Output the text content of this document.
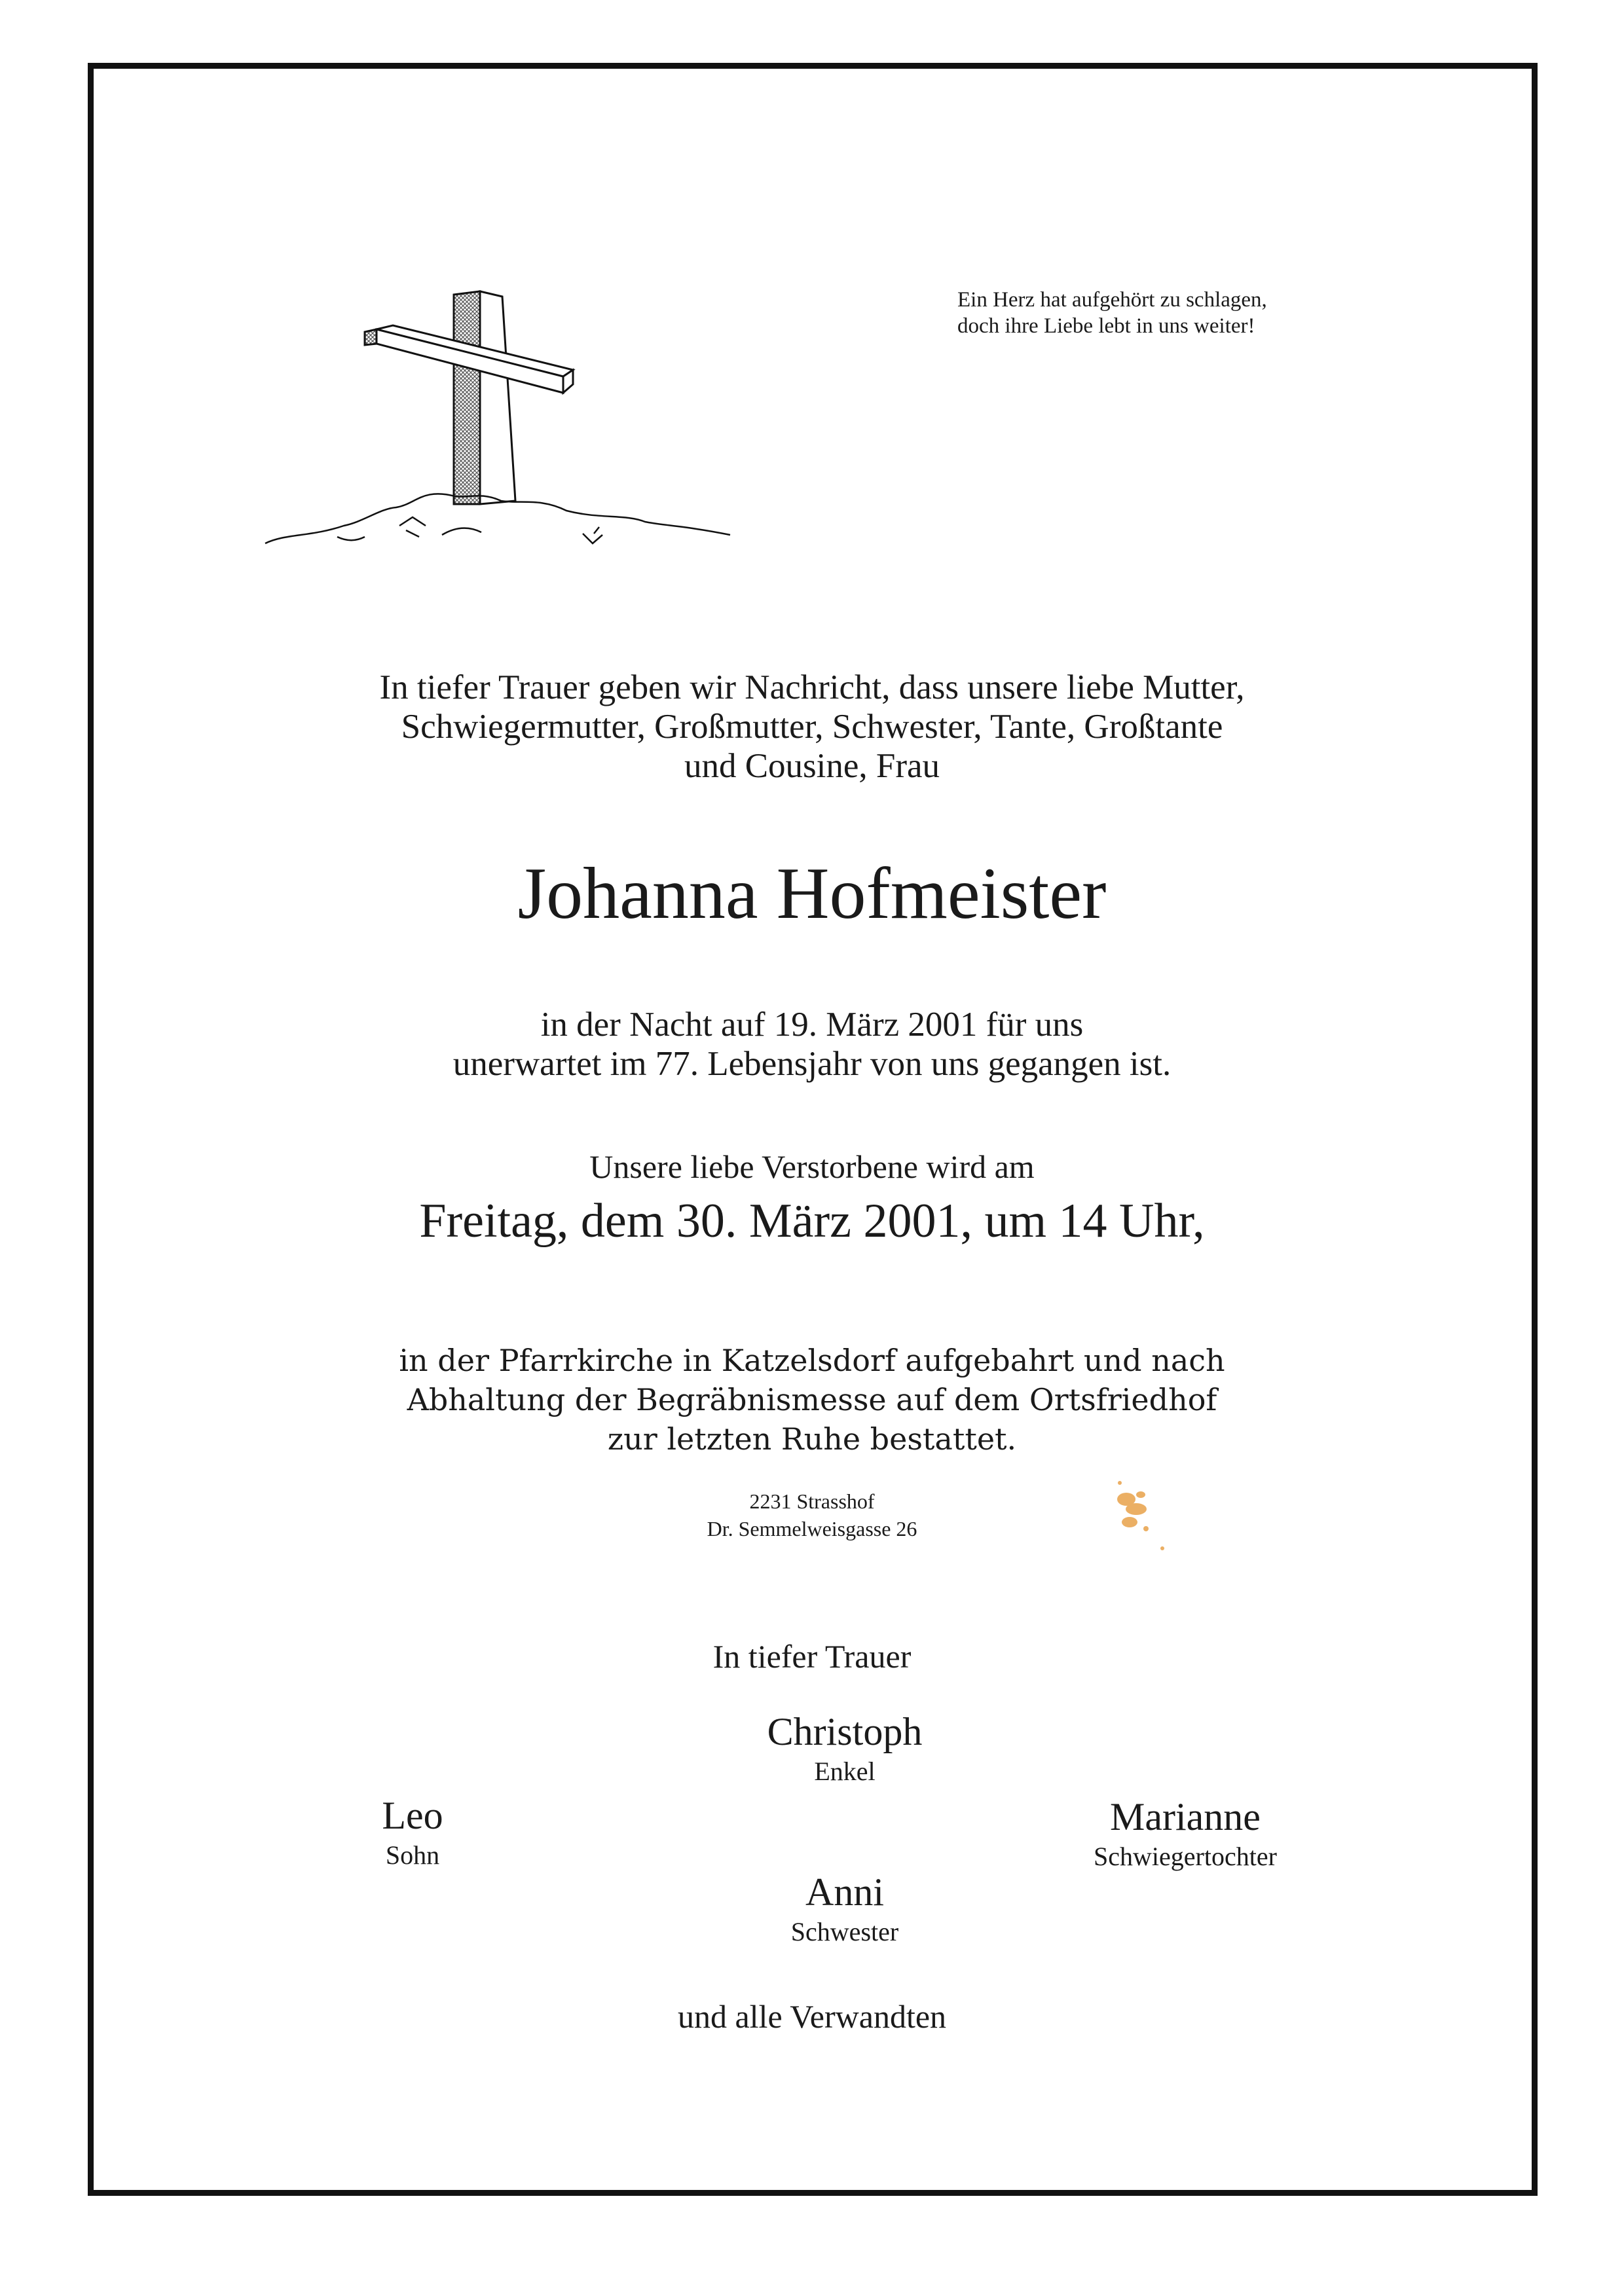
Ein Herz hat aufgehört zu schlagen,
doch ihre Liebe lebt in uns weiter!
In tiefer Trauer geben wir Nachricht, dass unsere liebe Mutter,
Schwiegermutter, Großmutter, Schwester, Tante, Großtante
und Cousine, Frau
Johanna Hofmeister
in der Nacht auf 19. März 2001 für uns
unerwartet im 77. Lebensjahr von uns gegangen ist.
Unsere liebe Verstorbene wird am
Freitag, dem 30. März 2001, um 14 Uhr,
in der Pfarrkirche in Katzelsdorf aufgebahrt und nach
Abhaltung der Begräbnismesse auf dem Ortsfriedhof
zur letzten Ruhe bestattet.
2231 Strasshof
Dr. Semmelweisgasse 26
In tiefer Trauer
Christoph
Enkel
Leo
Sohn
Marianne
Schwiegertochter
Anni
Schwester
und alle Verwandten
